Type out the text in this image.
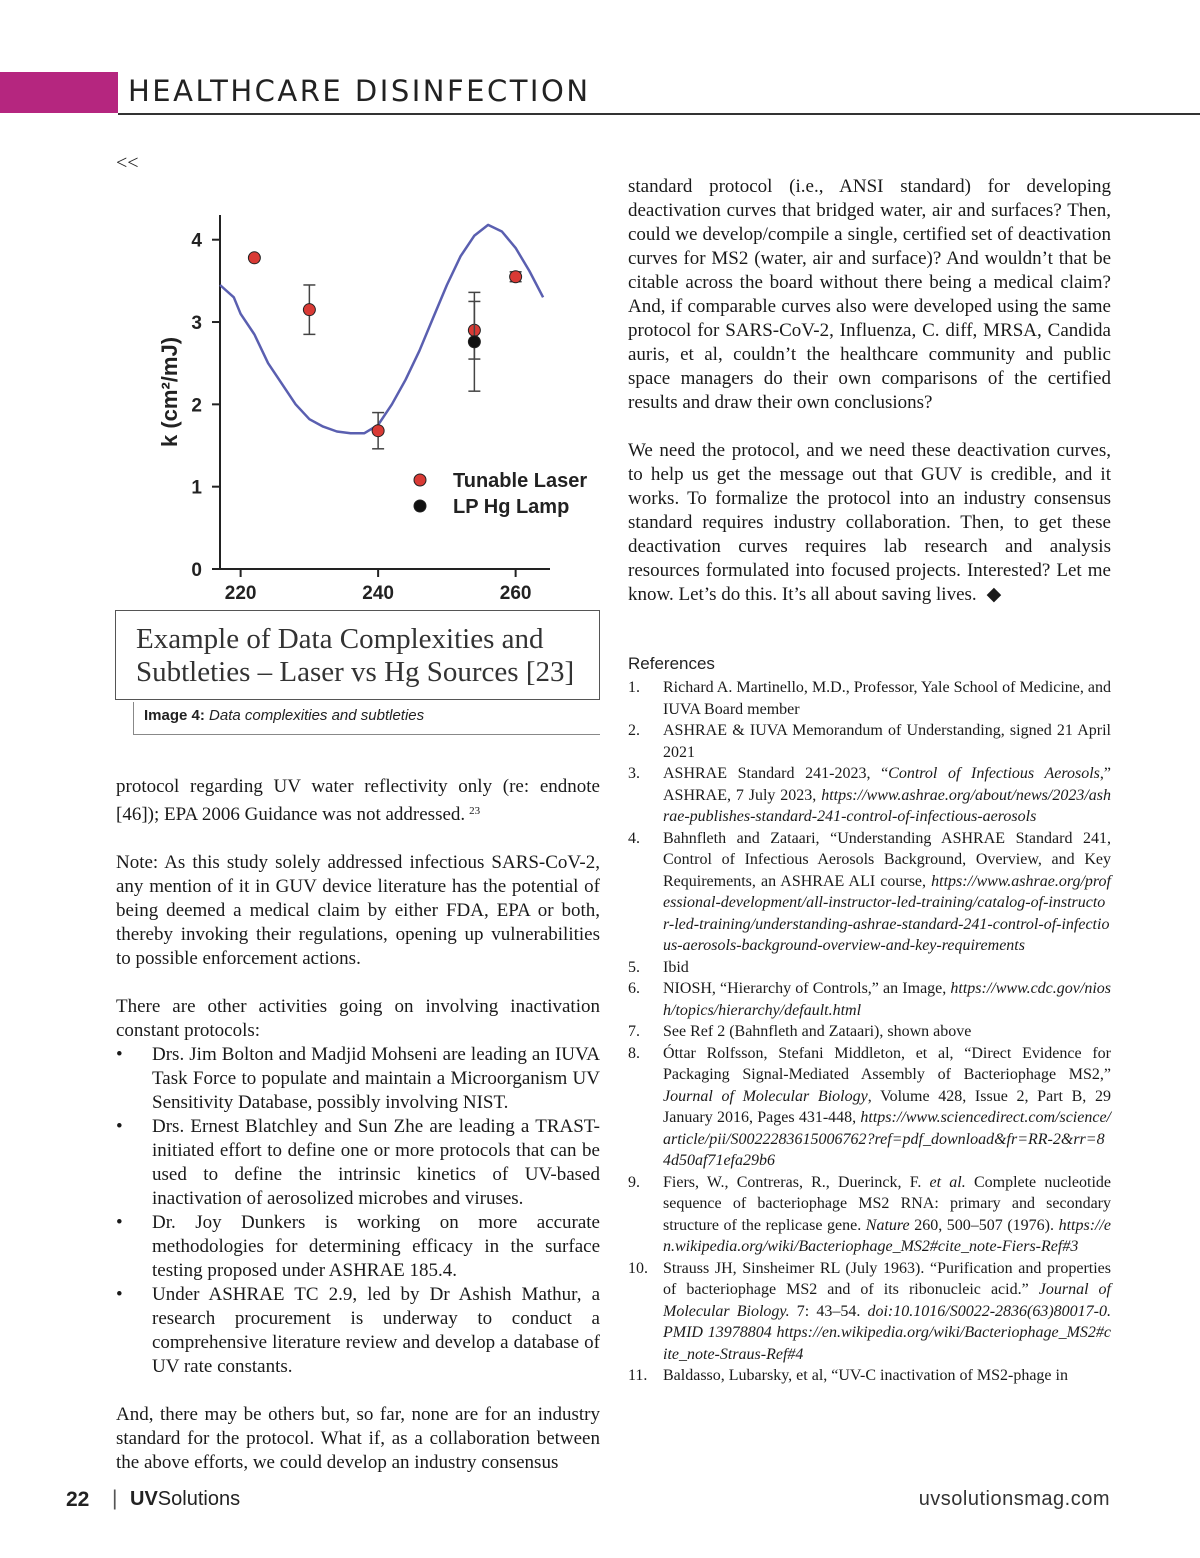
HEALTHCARE DISINFECTION
<<
0
1
2
3
4
220	240	260
k (cm²/mJ)
Tunable Laser
LP Hg Lamp
Example of Data Complexities and
Subtleties – Laser vs Hg Sources [23]
Image 4: Data complexities and subtleties

protocol regarding UV water reflectivity only (re: endnote [46]); EPA 2006 Guidance was not addressed. $^{23}$

Note: As this study solely addressed infectious SARS-CoV-2, any mention of it in GUV device literature has the potential of being deemed a medical claim by either FDA, EPA or both, thereby invoking their regulations, opening up vulnerabilities to possible enforcement actions.

There are other activities going on involving inactivation constant protocols:

• Drs. Jim Bolton and Madjid Mohseni are leading an IUVA Task Force to populate and maintain a Microorganism UV Sensitivity Database, possibly involving NIST.
• Drs. Ernest Blatchley and Sun Zhe are leading a TRAST-initiated effort to define one or more protocols that can be used to define the intrinsic kinetics of UV-based inactivation of aerosolized microbes and viruses.
• Dr. Joy Dunkers is working on more accurate methodologies for determining efficacy in the surface testing proposed under ASHRAE 185.4.
• Under ASHRAE TC 2.9, led by Dr Ashish Mathur, a research procurement is underway to conduct a comprehensive literature review and develop a database of UV rate constants.

And, there may be others but, so far, none are for an industry standard for the protocol. What if, as a collaboration between the above efforts, we could develop an industry consensus

standard protocol (i.e., ANSI standard) for developing deactivation curves that bridged water, air and surfaces? Then, could we develop/compile a single, certified set of deactivation curves for MS2 (water, air and surface)? And wouldn’t that be citable across the board without there being a medical claim? And, if comparable curves also were developed using the same protocol for SARS-CoV-2, Influenza, C. diff, MRSA, Candida auris, et al, couldn’t the healthcare community and public space managers do their own comparisons of the certified results and draw their own conclusions?

We need the protocol, and we need these deactivation curves, to help us get the message out that GUV is credible, and it works. To formalize the protocol into an industry consensus standard requires industry collaboration. Then, to get these deactivation curves requires lab research and analysis resources formulated into focused projects. Interested? Let me know. Let’s do this. It’s all about saving lives. ◆

References
1. Richard A. Martinello, M.D., Professor, Yale School of Medicine, and IUVA Board member
2. ASHRAE & IUVA Memorandum of Understanding, signed 21 April 2021
3. ASHRAE Standard 241-2023, “Control of Infectious Aerosols,” ASHRAE, 7 July 2023, https://www.ashrae.org/about/news/2023/ashrae-publishes-standard-241-control-of-infectious-aerosols
4. Bahnfleth and Zataari, “Understanding ASHRAE Standard 241, Control of Infectious Aerosols Background, Overview, and Key Requirements, an ASHRAE ALI course, https://www.ashrae.org/professional-development/all-instructor-led-training/catalog-of-instructor-led-training/understanding-ashrae-standard-241-control-of-infectious-aerosols-background-overview-and-key-requirements
5. Ibid
6. NIOSH, “Hierarchy of Controls,” an Image, https://www.cdc.gov/niosh/topics/hierarchy/default.html
7. See Ref 2 (Bahnfleth and Zataari), shown above
8. Óttar Rolfsson, Stefani Middleton, et al, “Direct Evidence for Packaging Signal-Mediated Assembly of Bacteriophage MS2,” Journal of Molecular Biology, Volume 428, Issue 2, Part B, 29 January 2016, Pages 431-448, https://www.sciencedirect.com/science/article/pii/S0022283615006762?ref=pdf_download&fr=RR-2&rr=84d50af71efa29b6
9. Fiers, W., Contreras, R., Duerinck, F. et al. Complete nucleotide sequence of bacteriophage MS2 RNA: primary and secondary structure of the replicase gene. Nature 260, 500–507 (1976). https://en.wikipedia.org/wiki/Bacteriophage_MS2#cite_note-Fiers-Ref#3
10. Strauss JH, Sinsheimer RL (July 1963). “Purification and properties of bacteriophage MS2 and of its ribonucleic acid.” Journal of Molecular Biology. 7: 43–54. doi:10.1016/S0022-2836(63)80017-0. PMID 13978804 https://en.wikipedia.org/wiki/Bacteriophage_MS2#cite_note-Straus-Ref#4
11. Baldasso, Lubarsky, et al, “UV-C inactivation of MS2-phage in
22 | UVSolutions	uvsolutionsmag.com
